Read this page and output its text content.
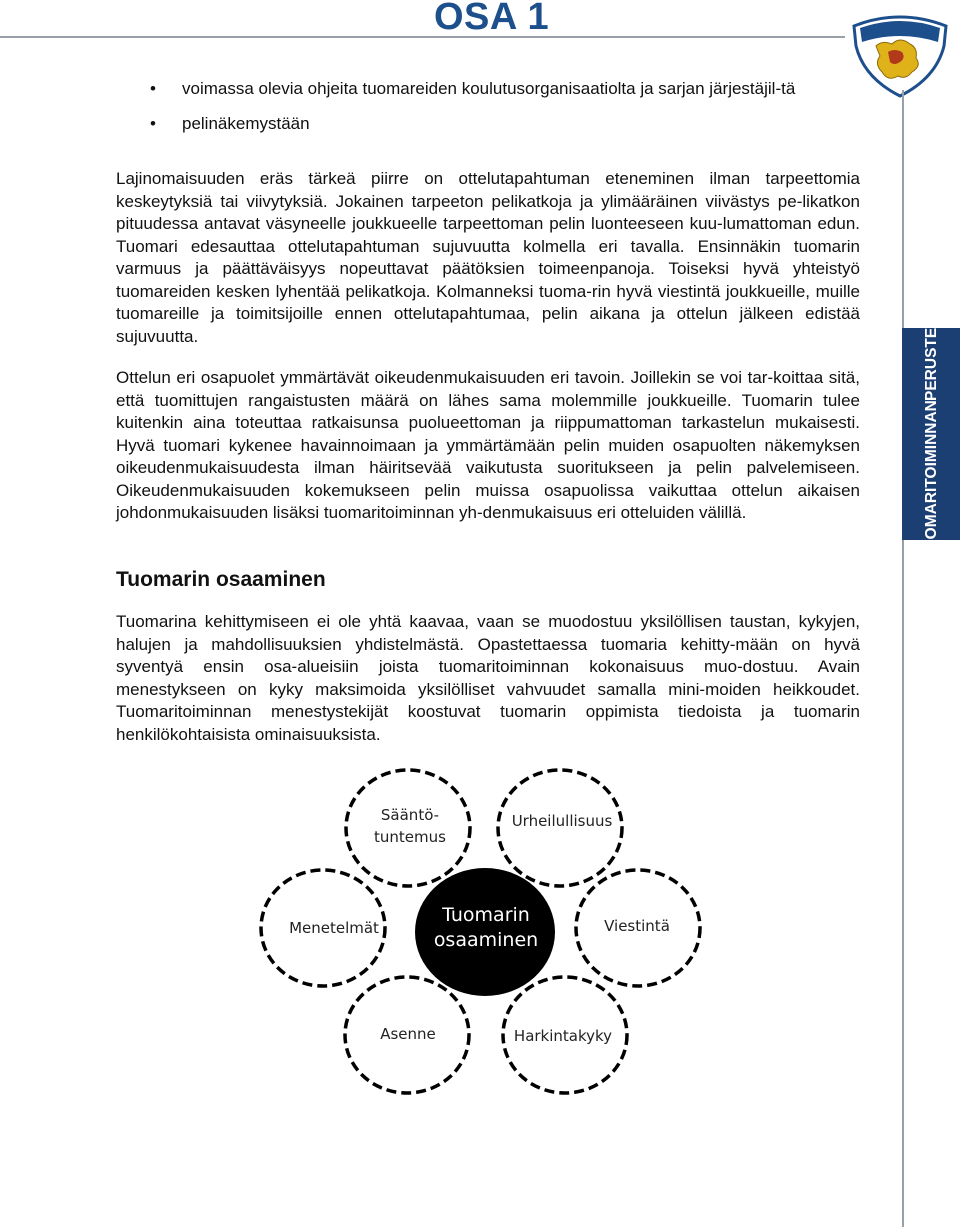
OSA 1
TUOMARITOIMINNAN
PERUSTEET
• voimassa olevia ohjeita tuomareiden koulutusorganisaatiolta ja sarjan järjestäjil-tä
• pelinäkemystään

Lajinomaisuuden eräs tärkeä piirre on ottelutapahtuman eteneminen ilman tarpeettomia keskeytyksiä tai viivytyksiä. Jokainen tarpeeton pelikatkoja ja ylimääräinen viivästys pe-likatkon pituudessa antavat väsyneelle joukkueelle tarpeettoman pelin luonteeseen kuu-lumattoman edun. Tuomari edesauttaa ottelutapahtuman sujuvuutta kolmella eri tavalla. Ensinnäkin tuomarin varmuus ja päättäväisyys nopeuttavat päätöksien toimeenpanoja. Toiseksi hyvä yhteistyö tuomareiden kesken lyhentää pelikatkoja. Kolmanneksi tuoma-rin hyvä viestintä joukkueille, muille tuomareille ja toimitsijoille ennen ottelutapahtumaa, pelin aikana ja ottelun jälkeen edistää sujuvuutta.

Ottelun eri osapuolet ymmärtävät oikeudenmukaisuuden eri tavoin. Joillekin se voi tar-koittaa sitä, että tuomittujen rangaistusten määrä on lähes sama molemmille joukkueille. Tuomarin tulee kuitenkin aina toteuttaa ratkaisunsa puolueettoman ja riippumattoman tarkastelun mukaisesti. Hyvä tuomari kykenee havainnoimaan ja ymmärtämään pelin muiden osapuolten näkemyksen oikeudenmukaisuudesta ilman häiritsevää vaikutusta suoritukseen ja pelin palvelemiseen. Oikeudenmukaisuuden kokemukseen pelin muissa osapuolissa vaikuttaa ottelun aikaisen johdonmukaisuuden lisäksi tuomaritoiminnan yh-denmukaisuus eri otteluiden välillä.

Tuomarin osaaminen

Tuomarina kehittymiseen ei ole yhtä kaavaa, vaan se muodostuu yksilöllisen taustan, kykyjen, halujen ja mahdollisuuksien yhdistelmästä. Opastettaessa tuomaria kehitty-mään on hyvä syventyä ensin osa-alueisiin joista tuomaritoiminnan kokonaisuus muo-dostuu. Avain menestykseen on kyky maksimoida yksilölliset vahvuudet samalla mini-moiden heikkoudet. Tuomaritoiminnan menestystekijät koostuvat tuomarin oppimista tiedoista ja tuomarin henkilökohtaisista ominaisuuksista.

Sääntö-
tuntemus
Urheilullisuus
Menetelmät	Viestintä
Asenne	Harkintakyky
Tuomarin
osaaminen
